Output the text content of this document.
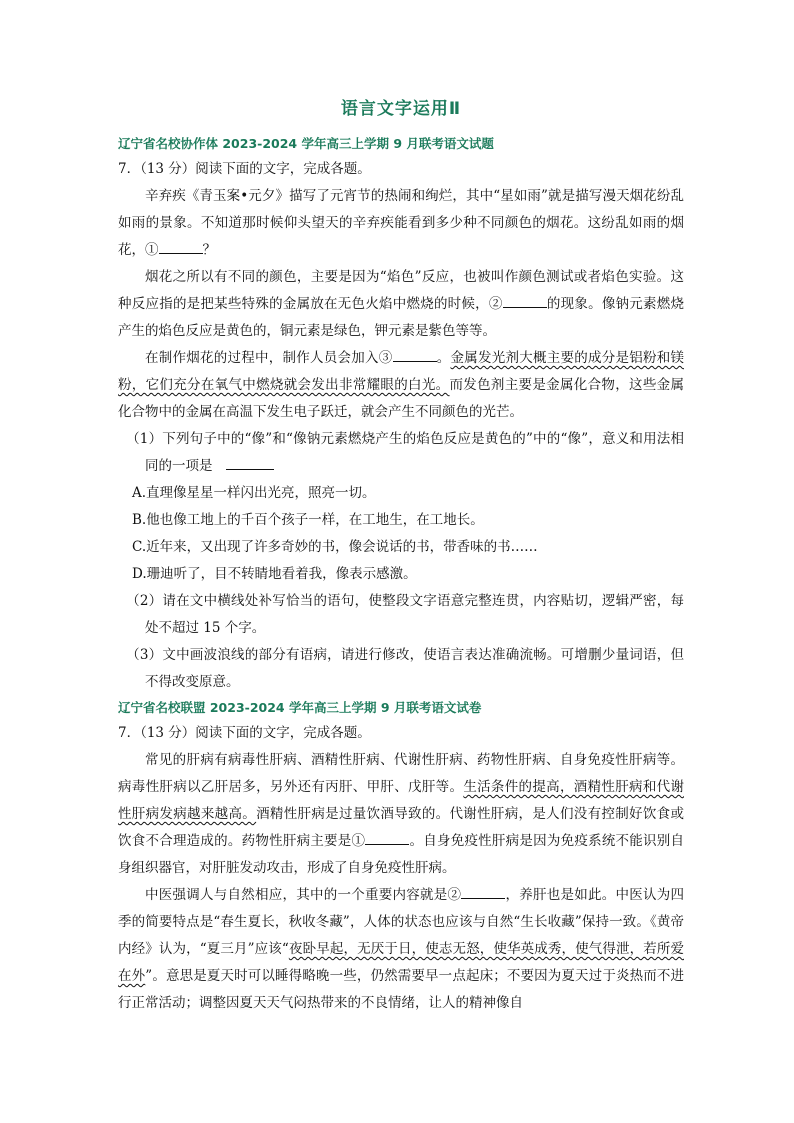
语言文字运用Ⅱ
辽宁省名校协作体 2023-2024 学年高三上学期 9 月联考语文试题
7．（13 分）阅读下面的文字，完成各题。

辛弃疾《青玉案•元夕》描写了元宵节的热闹和绚烂，其中“星如雨”就是描写漫天烟花纷乱如雨的景象。不知道那时候仰头望天的辛弃疾能看到多少种不同颜色的烟花。这纷乱如雨的烟花，①	？

烟花之所以有不同的颜色，主要是因为“焰色”反应，也被叫作颜色测试或者焰色实验。这种反应指的是把某些特殊的金属放在无色火焰中燃烧的时候，②	的现象。像钠元素燃烧产生的焰色反应是黄色的，铜元素是绿色，钾元素是紫色等等。

在制作烟花的过程中，制作人员会加入③	。金属发光剂大概主要的成分是铝粉和镁粉，它们充分在氧气中燃烧就会发出非常耀眼的白光。而发色剂主要是金属化合物，这些金属化合物中的金属在高温下发生电子跃迁，就会产生不同颜色的光芒。

（1）下列句子中的“像”和“像钠元素燃烧产生的焰色反应是黄色的”中的“像”，意义和用法相同的一项是　

A.直理像星星一样闪出光亮，照亮一切。

B.他也像工地上的千百个孩子一样，在工地生，在工地长。

C.近年来，又出现了许多奇妙的书，像会说话的书，带香味的书……

D.珊迪听了，目不转睛地看着我，像表示感激。

（2）请在文中横线处补写恰当的语句，使整段文字语意完整连贯，内容贴切，逻辑严密，每处不超过 15 个字。

（3）文中画波浪线的部分有语病，请进行修改，使语言表达准确流畅。可增删少量词语，但不得改变原意。

辽宁省名校联盟 2023-2024 学年高三上学期 9 月联考语文试卷
7．（13 分）阅读下面的文字，完成各题。

常见的肝病有病毒性肝病、酒精性肝病、代谢性肝病、药物性肝病、自身免疫性肝病等。病毒性肝病以乙肝居多，另外还有丙肝、甲肝、戊肝等。生活条件的提高，酒精性肝病和代谢性肝病发病越来越高。酒精性肝病是过量饮酒导致的。代谢性肝病，是人们没有控制好饮食或饮食不合理造成的。药物性肝病主要是①	。自身免疫性肝病是因为免疫系统不能识别自身组织器官，对肝脏发动攻击，形成了自身免疫性肝病。

中医强调人与自然相应，其中的一个重要内容就是②	，养肝也是如此。中医认为四季的简要特点是“春生夏长，秋收冬藏”，人体的状态也应该与自然“生长收藏”保持一致。《黄帝内经》认为，“夏三月”应该“夜卧早起，无厌于日，使志无怒，使华英成秀，使气得泄，若所爱在外”。意思是夏天时可以睡得略晚一些，仍然需要早一点起床；不要因为夏天过于炎热而不进行正常活动；调整因夏天天气闷热带来的不良情绪，让人的精神像自
